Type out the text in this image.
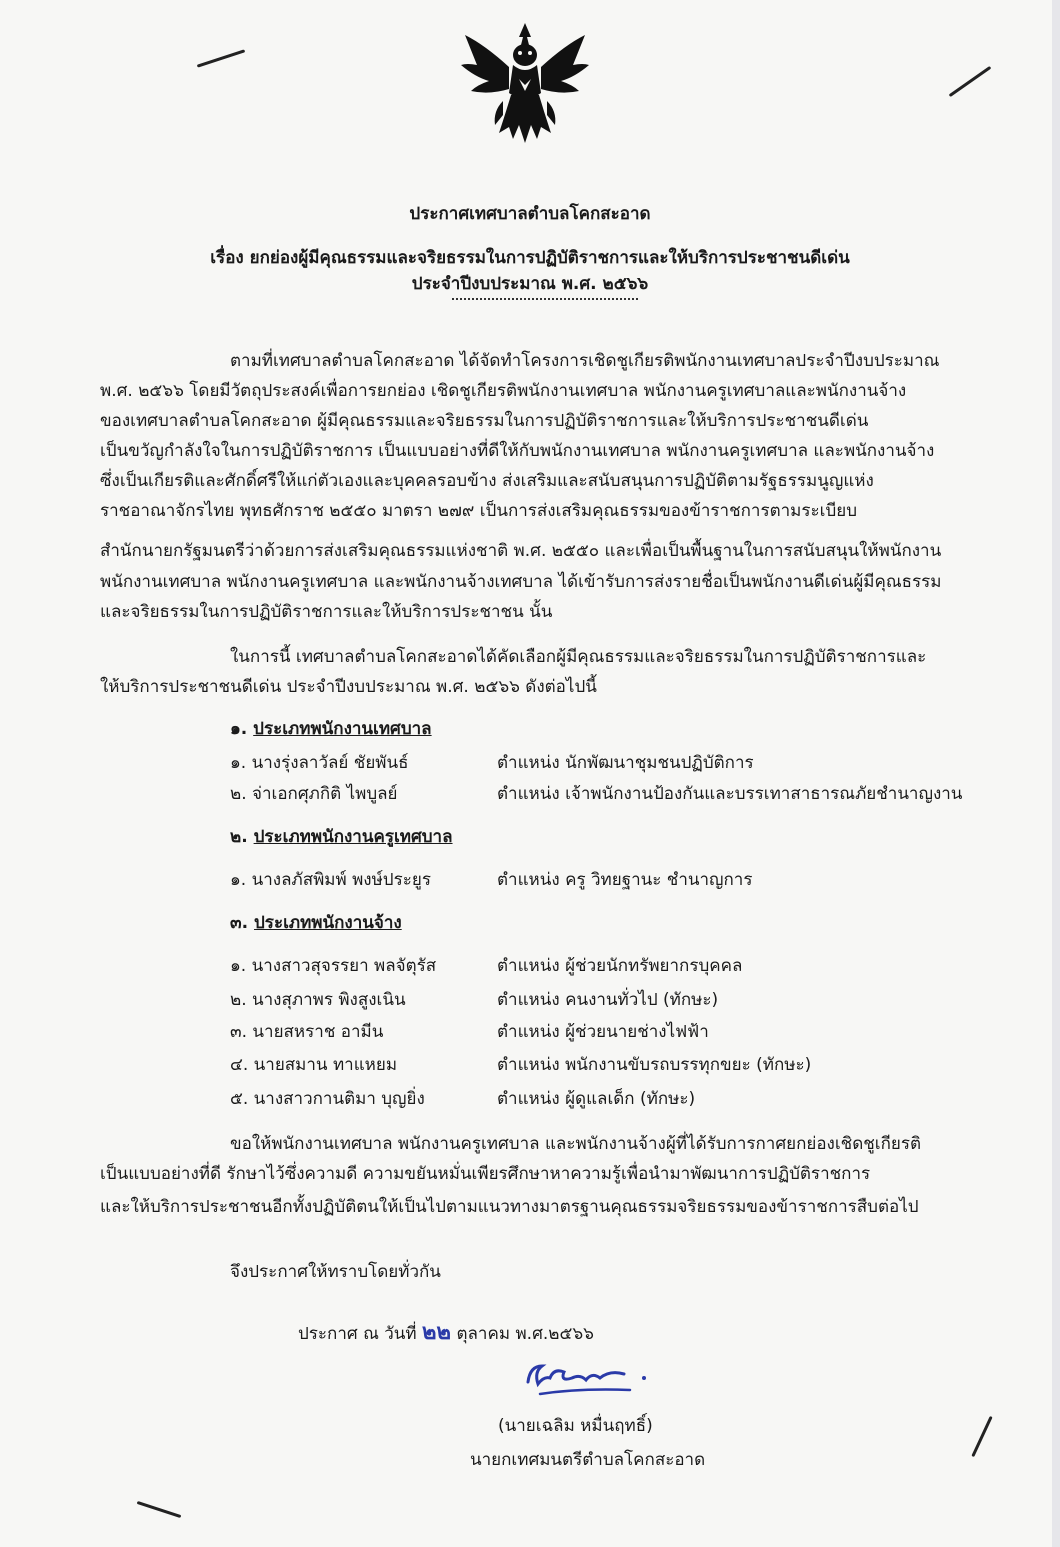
ประกาศเทศบาลตำบลโคกสะอาด
เรื่อง ยกย่องผู้มีคุณธรรมและจริยธรรมในการปฏิบัติราชการและให้บริการประชาชนดีเด่น
ประจำปีงบประมาณ พ.ศ. ๒๕๖๖
ตามที่เทศบาลตำบลโคกสะอาด ได้จัดทำโครงการเชิดชูเกียรติพนักงานเทศบาลประจำปีงบประมาณ
พ.ศ. ๒๕๖๖ โดยมีวัตถุประสงค์เพื่อการยกย่อง เชิดชูเกียรติพนักงานเทศบาล พนักงานครูเทศบาลและพนักงานจ้าง
ของเทศบาลตำบลโคกสะอาด ผู้มีคุณธรรมและจริยธรรมในการปฏิบัติราชการและให้บริการประชาชนดีเด่น
เป็นขวัญกำลังใจในการปฏิบัติราชการ เป็นแบบอย่างที่ดีให้กับพนักงานเทศบาล พนักงานครูเทศบาล และพนักงานจ้าง
ซึ่งเป็นเกียรติและศักดิ์ศรีให้แก่ตัวเองและบุคคลรอบข้าง ส่งเสริมและสนับสนุนการปฏิบัติตามรัฐธรรมนูญแห่ง
ราชอาณาจักรไทย พุทธศักราช ๒๕๕๐ มาตรา ๒๗๙ เป็นการส่งเสริมคุณธรรมของข้าราชการตามระเบียบ
สำนักนายกรัฐมนตรีว่าด้วยการส่งเสริมคุณธรรมแห่งชาติ พ.ศ. ๒๕๕๐ และเพื่อเป็นพื้นฐานในการสนับสนุนให้พนักงาน
พนักงานเทศบาล พนักงานครูเทศบาล และพนักงานจ้างเทศบาล ได้เข้ารับการส่งรายชื่อเป็นพนักงานดีเด่นผู้มีคุณธรรม
และจริยธรรมในการปฏิบัติราชการและให้บริการประชาชน นั้น
ในการนี้ เทศบาลตำบลโคกสะอาดได้คัดเลือกผู้มีคุณธรรมและจริยธรรมในการปฏิบัติราชการและ
ให้บริการประชาชนดีเด่น ประจำปีงบประมาณ พ.ศ. ๒๕๖๖ ดังต่อไปนี้
๑. ประเภทพนักงานเทศบาล
๑. นางรุ่งลาวัลย์ ชัยพันธ์	ตำแหน่ง นักพัฒนาชุมชนปฏิบัติการ
๒. จ่าเอกศุภกิติ ไพบูลย์	ตำแหน่ง เจ้าพนักงานป้องกันและบรรเทาสาธารณภัยชำนาญงาน
๒. ประเภทพนักงานครูเทศบาล
๑. นางลภัสพิมพ์ พงษ์ประยูร	ตำแหน่ง ครู วิทยฐานะ ชำนาญการ
๓. ประเภทพนักงานจ้าง
๑. นางสาวสุจรรยา พลจัตุรัส	ตำแหน่ง ผู้ช่วยนักทรัพยากรบุคคล
๒. นางสุภาพร พิงสูงเนิน	ตำแหน่ง คนงานทั่วไป (ทักษะ)
๓. นายสหราช อามีน	ตำแหน่ง ผู้ช่วยนายช่างไฟฟ้า
๔. นายสมาน ทาแหยม	ตำแหน่ง พนักงานขับรถบรรทุกขยะ (ทักษะ)
๕. นางสาวกานติมา บุญยิ่ง	ตำแหน่ง ผู้ดูแลเด็ก (ทักษะ)
ขอให้พนักงานเทศบาล พนักงานครูเทศบาล และพนักงานจ้างผู้ที่ได้รับการกาศยกย่องเชิดชูเกียรติ
เป็นแบบอย่างที่ดี รักษาไว้ซึ่งความดี ความขยันหมั่นเพียรศึกษาหาความรู้เพื่อนำมาพัฒนาการปฏิบัติราชการ
และให้บริการประชาชนอีกทั้งปฏิบัติตนให้เป็นไปตามแนวทางมาตรฐานคุณธรรมจริยธรรมของข้าราชการสืบต่อไป
จึงประกาศให้ทราบโดยทั่วกัน
ประกาศ ณ วันที่ ๒๒ ตุลาคม พ.ศ.๒๕๖๖
(นายเฉลิม หมื่นฤทธิ์)
นายกเทศมนตรีตำบลโคกสะอาด
